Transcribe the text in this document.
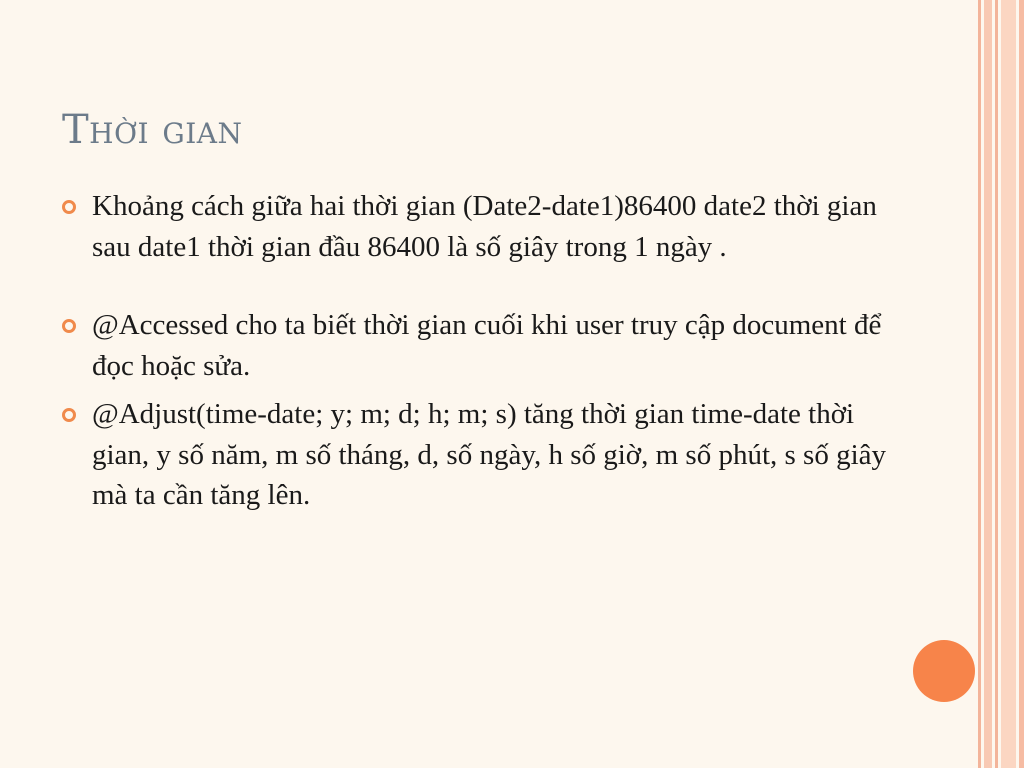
Thời gian
Khoảng cách giữa hai thời gian (Date2-date1)86400 date2 thời gian sau date1 thời gian đầu 86400 là số giây trong 1 ngày .
@Accessed cho ta biết thời gian cuối khi user truy cập document để đọc hoặc sửa.
@Adjust(time-date; y; m; d; h; m; s) tăng thời gian time-date thời gian, y số năm, m số tháng, d, số ngày, h số giờ, m số phút, s số giây mà ta cần tăng lên.
